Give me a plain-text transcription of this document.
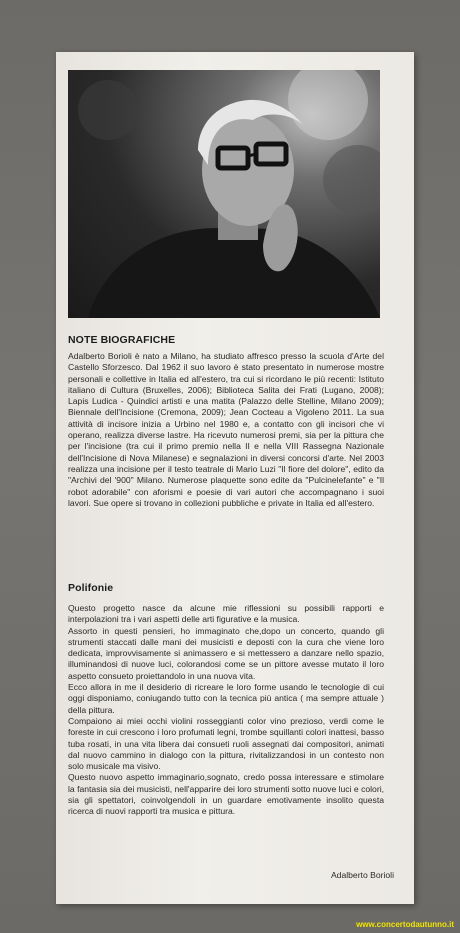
NOTE BIOGRAFICHE
Adalberto Borioli è nato a Milano, ha studiato affresco presso la scuola d'Arte del Castello Sforzesco. Dal 1962 il suo lavoro è stato presentato in numerose mostre personali e collettive in Italia ed all'estero, tra cui si ricordano le più recenti: Istituto italiano di Cultura (Bruxelles, 2006); Biblioteca Salita dei Frati (Lugano, 2008); Lapis Ludica - Quindici artisti e una matita (Palazzo delle Stelline, Milano 2009); Biennale dell'Incisione (Cremona, 2009); Jean Cocteau a Vigoleno 2011. La sua attività di incisore inizia a Urbino nel 1980 e, a contatto con gli incisori che vi operano, realizza diverse lastre. Ha ricevuto numerosi premi, sia per la pittura che per l'incisione (tra cui il primo premio nella II e nella VIII Rassegna Nazionale dell'Incisione di Nova Milanese) e segnalazioni in diversi concorsi d'arte. Nel 2003 realizza una incisione per il testo teatrale di Mario Luzi "Il fiore del dolore", edito da "Archivi del '900" Milano. Numerose plaquette sono edite da "Pulcinelefante" e "Il robot adorabile" con aforismi e poesie di vari autori che accompagnano i suoi lavori. Sue opere si trovano in collezioni pubbliche e private in Italia ed all'estero.
Polifonie
Questo progetto nasce da alcune mie riflessioni su possibili rapporti e interpolazioni tra i vari aspetti delle arti figurative e la musica.
Assorto in questi pensieri, ho immaginato che,dopo un concerto, quando gli strumenti staccati dalle mani dei musicisti e deposti con la cura che viene loro dedicata, improvvisamente si animassero e si mettessero a danzare nello spazio, illuminandosi di nuove luci, colorandosi come se un pittore avesse mutato il loro aspetto consueto proiettandolo in una nuova vita.
Ecco allora in me il desiderio di ricreare le loro forme usando le tecnologie di cui oggi disponiamo, coniugando tutto con la tecnica più antica ( ma sempre attuale ) della pittura.
Compaiono ai miei occhi violini rosseggianti color vino prezioso, verdi come le foreste in cui crescono i loro profumati legni, trombe squillanti colori inattesi, basso tuba rosati, in una vita libera dai consueti ruoli assegnati dai compositori, animati dal nuovo cammino in dialogo con la pittura, rivitalizzandosi in un contesto non solo musicale ma visivo.
Questo nuovo aspetto immaginario,sognato, credo possa interessare e stimolare la fantasia sia dei musicisti, nell'apparire dei loro strumenti sotto nuove luci e colori, sia gli spettatori, coinvolgendoli in un guardare emotivamente insolito questa ricerca di nuovi rapporti tra musica e pittura.
Adalberto Borioli
www.concertodautunno.it
